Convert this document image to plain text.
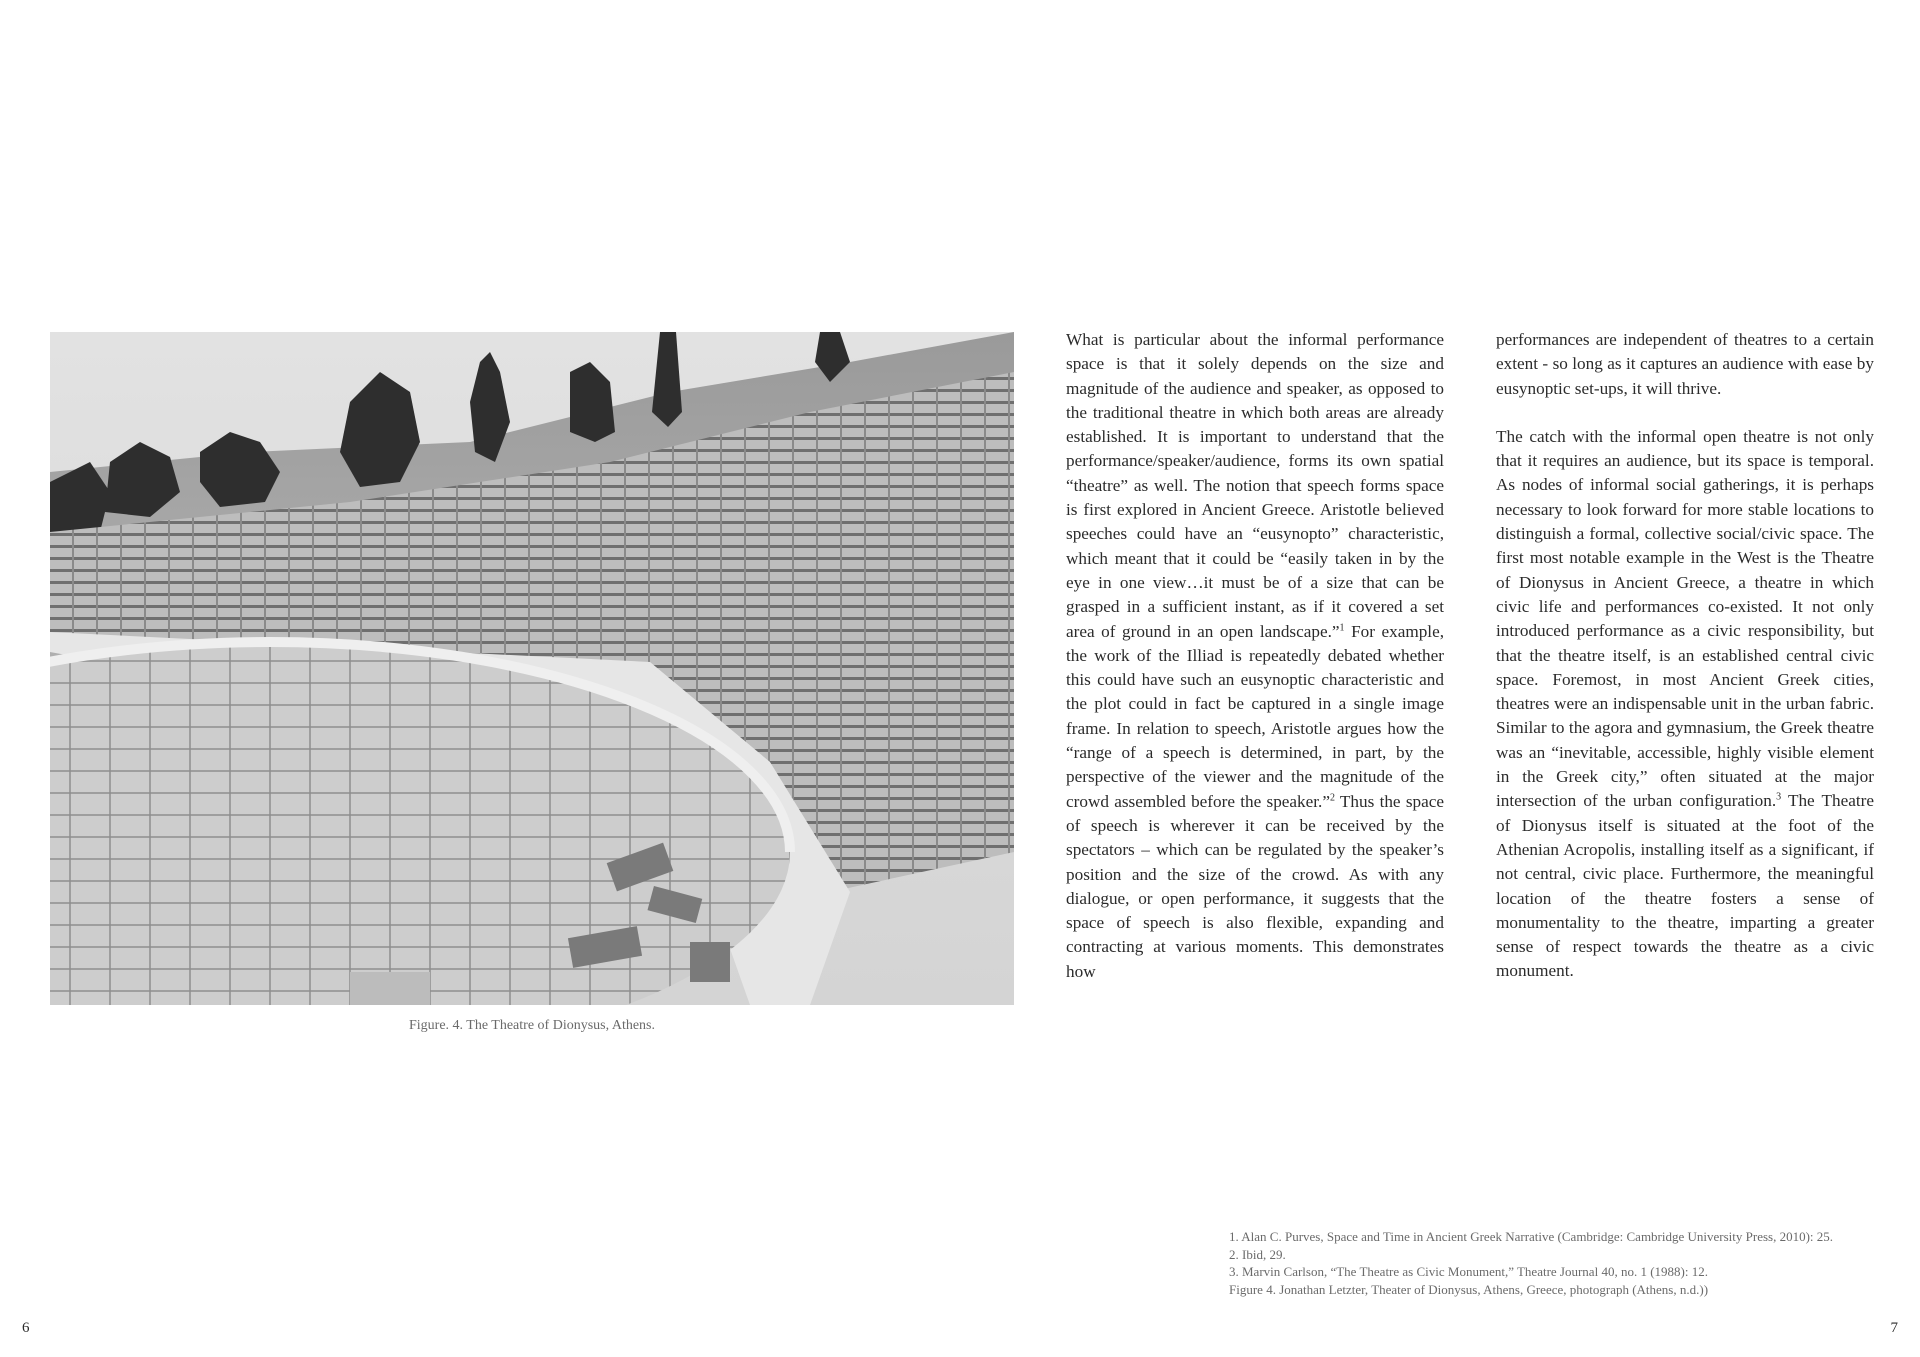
Figure. 4. The Theatre of Dionysus, Athens.

What is particular about the informal performance space is that it solely depends on the size and magnitude of the audience and speaker, as opposed to the traditional theatre in which both areas are already established. It is important to understand that the performance/speaker/audience, forms its own spatial “theatre” as well. The notion that speech forms space is first explored in Ancient Greece. Aristotle believed speeches could have an “eusynopto” characteristic, which meant that it could be “easily taken in by the eye in one view…it must be of a size that can be grasped in a sufficient instant, as if it covered a set area of ground in an open landscape.”$^1$ For example, the work of the Illiad is repeatedly debated whether this could have such an eusynoptic characteristic and the plot could in fact be captured in a single image frame. In relation to speech, Aristotle argues how the “range of a speech is determined, in part, by the perspective of the viewer and the magnitude of the crowd assembled before the speaker.”$^2$ Thus the space of speech is wherever it can be received by the spectators – which can be regulated by the speaker’s position and the size of the crowd. As with any dialogue, or open performance, it suggests that the space of speech is also flexible, expanding and contracting at various moments. This demonstrates how

performances are independent of theatres to a certain extent - so long as it captures an audience with ease by eusynoptic set-ups, it will thrive.

The catch with the informal open theatre is not only that it requires an audience, but its space is temporal. As nodes of informal social gatherings, it is perhaps necessary to look forward for more stable locations to distinguish a formal, collective social/civic space. The first most notable example in the West is the Theatre of Dionysus in Ancient Greece, a theatre in which civic life and performances co-existed. It not only introduced performance as a civic responsibility, but that the theatre itself, is an established central civic space. Foremost, in most Ancient Greek cities, theatres were an indispensable unit in the urban fabric. Similar to the agora and gymnasium, the Greek theatre was an “inevitable, accessible, highly visible element in the Greek city,” often situated at the major intersection of the urban configuration.$^3$ The Theatre of Dionysus itself is situated at the foot of the Athenian Acropolis, installing itself as a significant, if not central, civic place. Furthermore, the meaningful location of the theatre fosters a sense of monumentality to the theatre, imparting a greater sense of respect towards the theatre as a civic monument.

1. Alan C. Purves, Space and Time in Ancient Greek Narrative (Cambridge: Cambridge University Press, 2010): 25.
2. Ibid, 29.
3. Marvin Carlson, “The Theatre as Civic Monument,” Theatre Journal 40, no. 1 (1988): 12.
Figure 4. Jonathan Letzter, Theater of Dionysus, Athens, Greece, photograph (Athens, n.d.))
6	7
